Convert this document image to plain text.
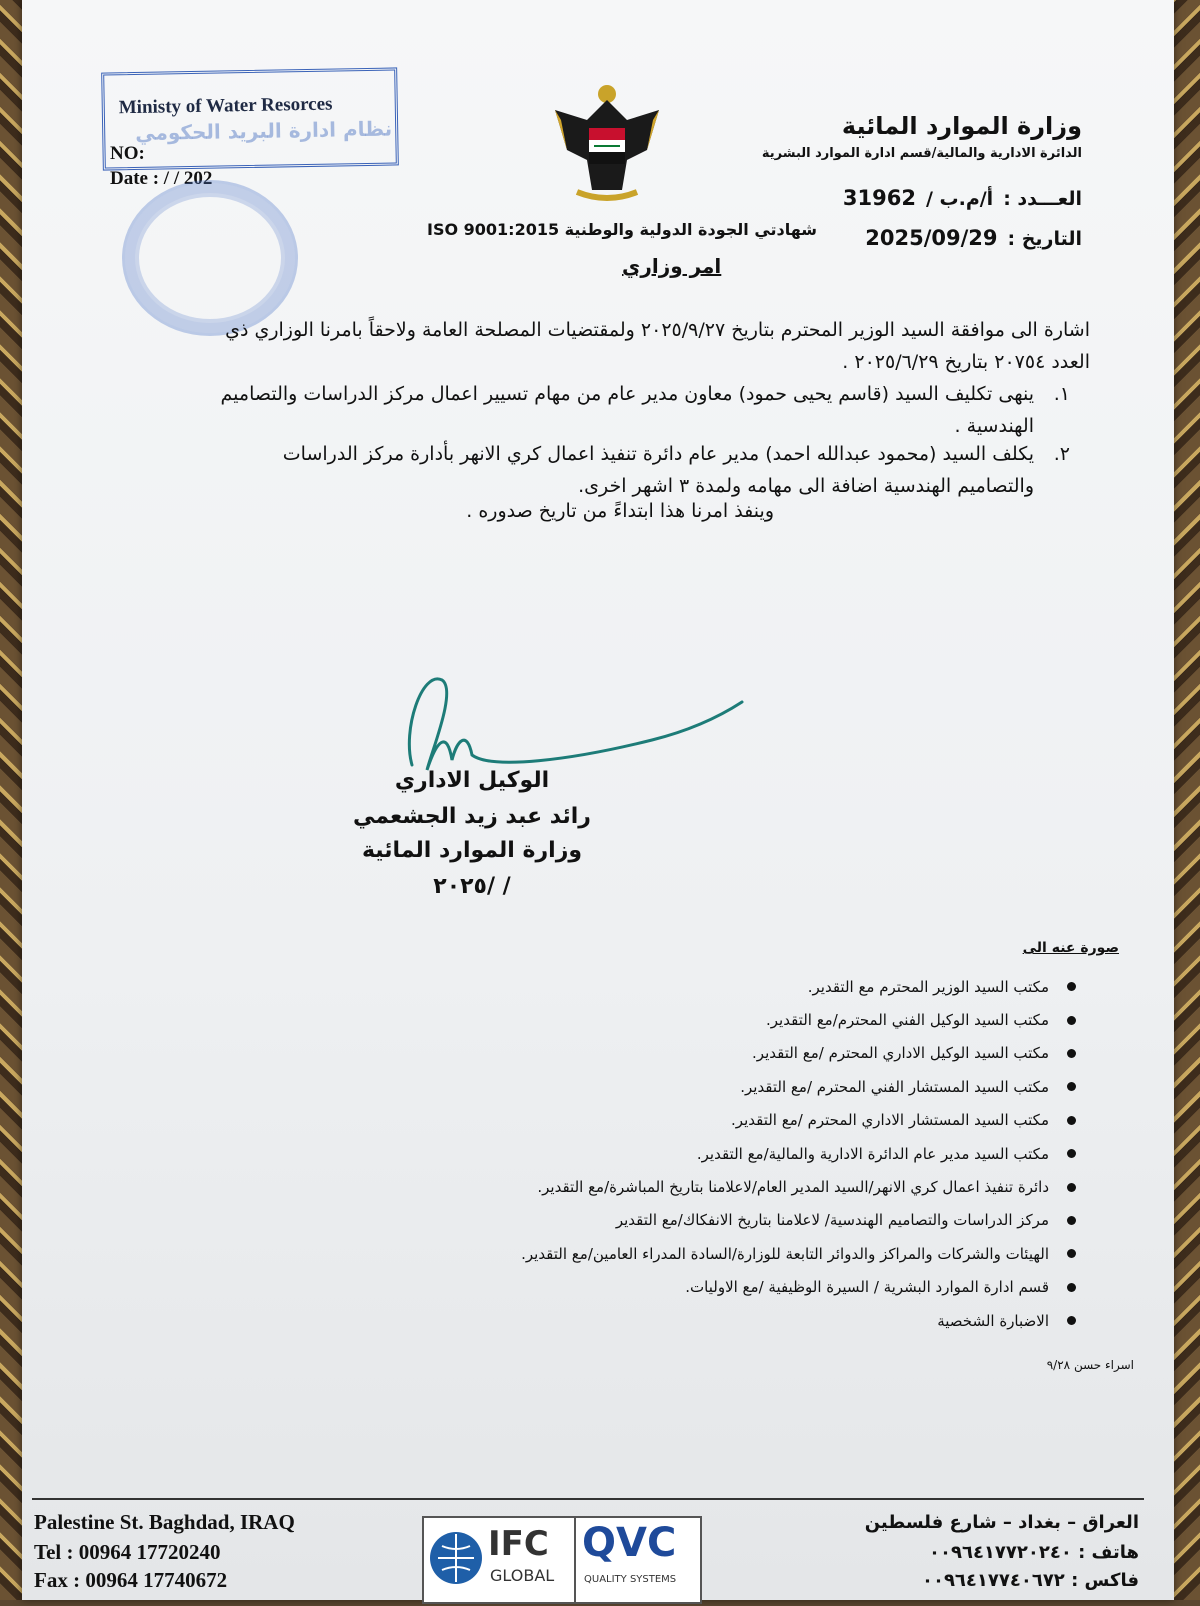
وزارة الموارد المائية
الدائرة الادارية والمالية/قسم ادارة الموارد البشرية
العـــدد :
أ/م.ب /
31962
التاريخ :
2025/09/29
Ministy of Water Resorces
نظام ادارة البريد الحكومي
NO:
Date : / / 202
شهادتي الجودة الدولية والوطنية ISO 9001:2015
امر وزاري
اشارة الى موافقة السيد الوزير المحترم بتاريخ ٢٠٢٥/٩/٢٧ ولمقتضيات المصلحة العامة ولاحقاً بامرنا الوزاري ذي
العدد ٢٠٧٥٤ بتاريخ ٢٠٢٥/٦/٢٩ .
١.
ينهى تكليف السيد (قاسم يحيى حمود) معاون مدير عام من مهام تسيير اعمال مركز الدراسات والتصاميم
الهندسية .
٢.
يكلف السيد (محمود عبدالله احمد) مدير عام دائرة تنفيذ اعمال كري الانهر بأدارة مركز الدراسات
والتصاميم الهندسية اضافة الى مهامه ولمدة ٣ اشهر اخرى.
وينفذ امرنا هذا ابتداءً من تاريخ صدوره .
الوكيل الاداري
رائد عبد زيد الجشعمي
وزارة الموارد المائية
/ /٢٠٢٥
صورة عنه الى
مكتب السيد الوزير المحترم مع التقدير.
مكتب السيد الوكيل الفني المحترم/مع التقدير.
مكتب السيد الوكيل الاداري المحترم /مع التقدير.
مكتب السيد المستشار الفني المحترم /مع التقدير.
مكتب السيد المستشار الاداري المحترم /مع التقدير.
مكتب السيد مدير عام الدائرة الادارية والمالية/مع التقدير.
دائرة تنفيذ اعمال كري الانهر/السيد المدير العام/لاعلامنا بتاريخ المباشرة/مع التقدير.
مركز الدراسات والتصاميم الهندسية/ لاعلامنا بتاريخ الانفكاك/مع التقدير
الهيئات والشركات والمراكز والدوائر التابعة للوزارة/السادة المدراء العامين/مع التقدير.
قسم ادارة الموارد البشرية / السيرة الوظيفية /مع الاوليات.
الاضبارة الشخصية
اسراء حسن ٩/٢٨
Palestine St. Baghdad, IRAQ
Tel : 00964 17720240
Fax : 00964 17740672
IFC
GLOBAL
QVC
QUALITY SYSTEMS
العراق – بغداد – شارع فلسطين
هاتف : ٠٠٩٦٤١٧٧٢٠٢٤٠
فاكس : ٠٠٩٦٤١٧٧٤٠٦٧٢
